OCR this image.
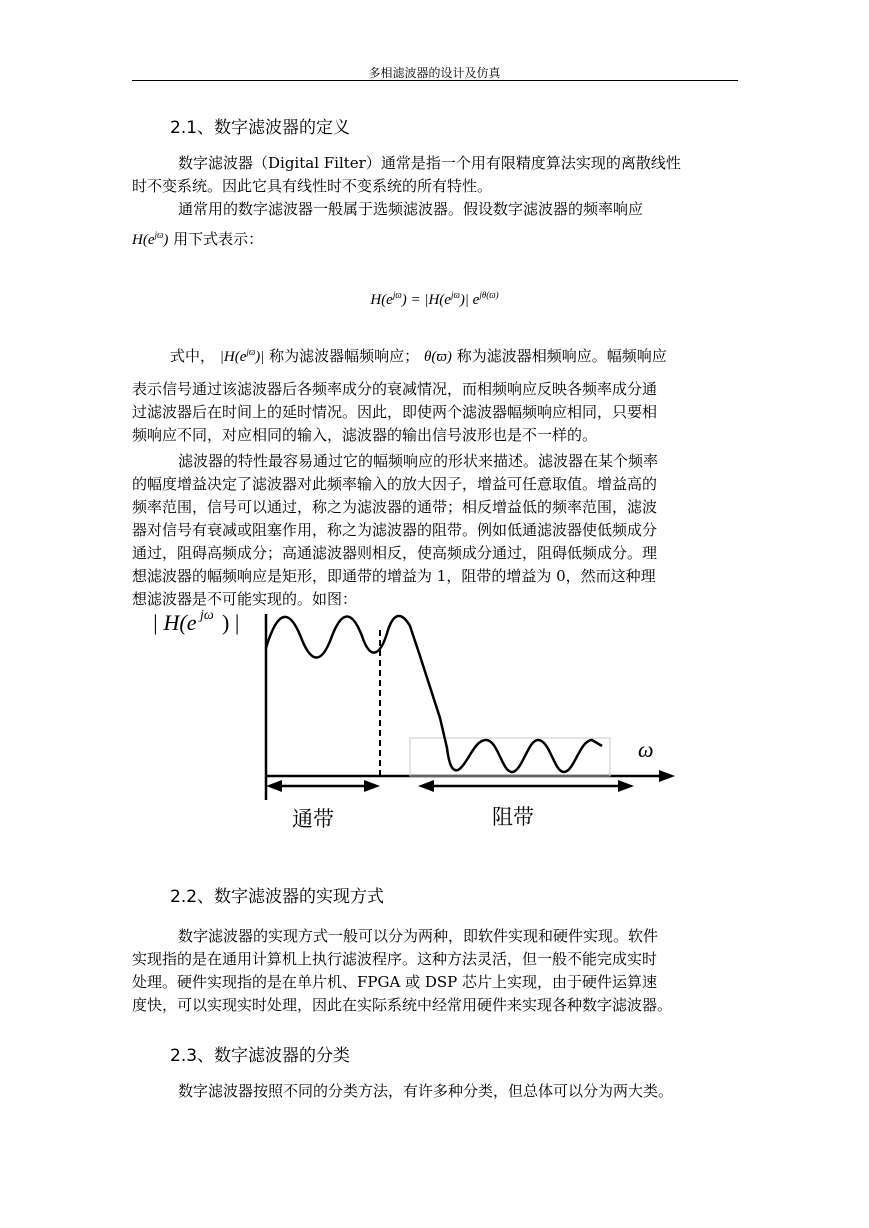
多相滤波器的设计及仿真
2.1、数字滤波器的定义
数字滤波器（Digital Filter）通常是指一个用有限精度算法实现的离散线性
时不变系统。因此它具有线性时不变系统的所有特性。
通常用的数字滤波器一般属于选频滤波器。假设数字滤波器的频率响应
$H(e^{jϖ})$ 用下式表示：
$H(e^{jϖ}) = |H(e^{jϖ})|$ $e^{j\theta(ϖ)}$
式中， $|H(e^{jϖ})|$ 称为滤波器幅频响应； θ(ϖ) 称为滤波器相频响应。幅频响应
表示信号通过该滤波器后各频率成分的衰减情况，而相频响应反映各频率成分通
过滤波器后在时间上的延时情况。因此，即使两个滤波器幅频响应相同，只要相
频响应不同，对应相同的输入，滤波器的输出信号波形也是不一样的。
滤波器的特性最容易通过它的幅频响应的形状来描述。滤波器在某个频率
的幅度增益决定了滤波器对此频率输入的放大因子，增益可任意取值。增益高的
频率范围，信号可以通过，称之为滤波器的通带；相反增益低的频率范围，滤波
器对信号有衰减或阻塞作用，称之为滤波器的阻带。例如低通滤波器使低频成分
通过，阻碍高频成分；高通滤波器则相反，使高频成分通过，阻碍低频成分。理
想滤波器的幅频响应是矩形，即通带的增益为 1，阻带的增益为 0，然而这种理
想滤波器是不可能实现的。如图：
| H(e jω ) |
ω
通带	阻带
2.2、数字滤波器的实现方式
数字滤波器的实现方式一般可以分为两种，即软件实现和硬件实现。软件
实现指的是在通用计算机上执行滤波程序。这种方法灵活，但一般不能完成实时
处理。硬件实现指的是在单片机、FPGA 或 DSP 芯片上实现，由于硬件运算速
度快，可以实现实时处理，因此在实际系统中经常用硬件来实现各种数字滤波器。
2.3、数字滤波器的分类
数字滤波器按照不同的分类方法，有许多种分类，但总体可以分为两大类。
